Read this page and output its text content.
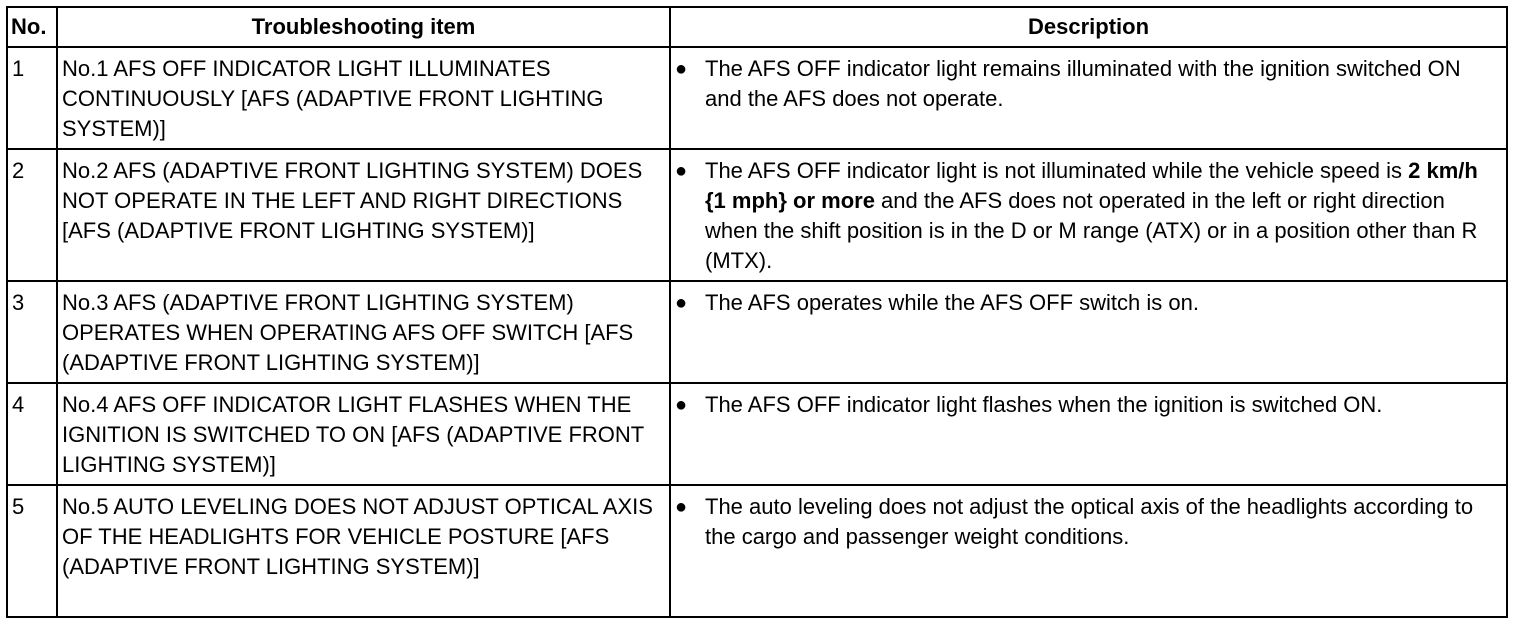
No.	Troubleshooting item	Description
1	No.1 AFS OFF INDICATOR LIGHT ILLUMINATES CONTINUOUSLY [AFS (ADAPTIVE FRONT LIGHTING SYSTEM)]	● The AFS OFF indicator light remains illuminated with the ignition switched ON and the AFS does not operate.

2	No.2 AFS (ADAPTIVE FRONT LIGHTING SYSTEM) DOES NOT OPERATE IN THE LEFT AND RIGHT DIRECTIONS [AFS (ADAPTIVE FRONT LIGHTING SYSTEM)]	● The AFS OFF indicator light is not illuminated while the vehicle speed is 2 km/h {1 mph} or more and the AFS does not operated in the left or right direction when the shift position is in the D or M range (ATX) or in a position other than R (MTX).

3	No.3 AFS (ADAPTIVE FRONT LIGHTING SYSTEM) OPERATES WHEN OPERATING AFS OFF SWITCH [AFS (ADAPTIVE FRONT LIGHTING SYSTEM)]	● The AFS operates while the AFS OFF switch is on.

4	No.4 AFS OFF INDICATOR LIGHT FLASHES WHEN THE IGNITION IS SWITCHED TO ON [AFS (ADAPTIVE FRONT LIGHTING SYSTEM)]	● The AFS OFF indicator light flashes when the ignition is switched ON.

5	No.5 AUTO LEVELING DOES NOT ADJUST OPTICAL AXIS OF THE HEADLIGHTS FOR VEHICLE POSTURE [AFS (ADAPTIVE FRONT LIGHTING SYSTEM)]	● The auto leveling does not adjust the optical axis of the headlights according to the cargo and passenger weight conditions.
